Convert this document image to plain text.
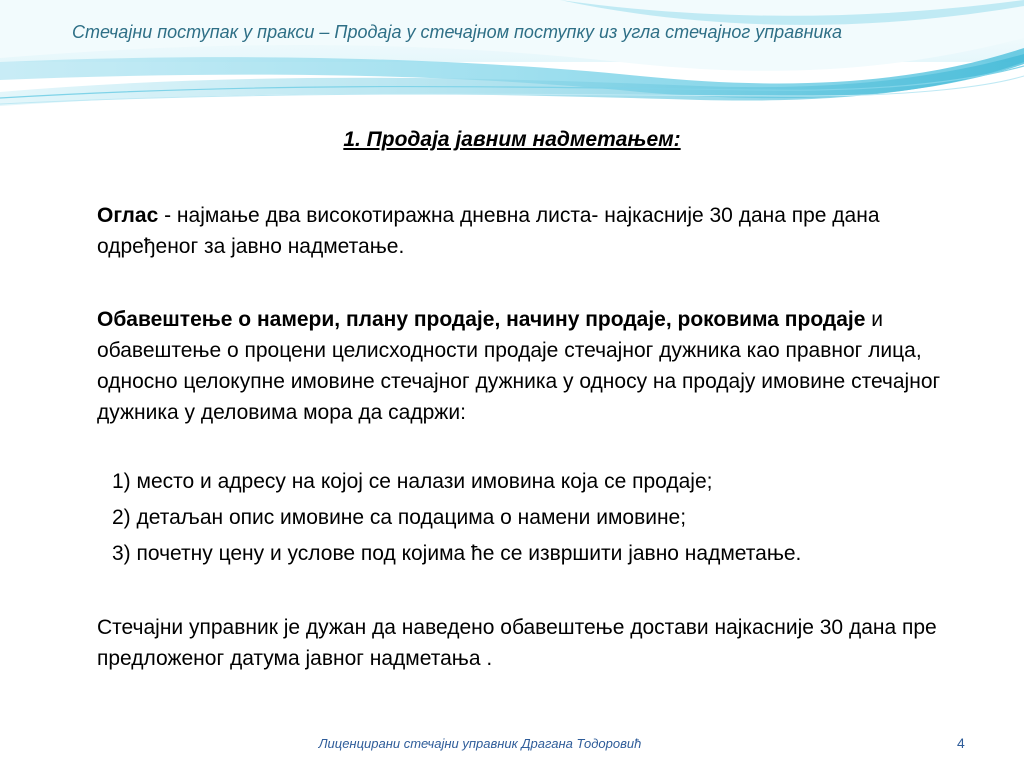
Стечајни поступак у пракси – Продаја у стечајном поступку из угла стечајног управника
1. Продаја јавним надметањем:
Оглас - најмање два високотиражна дневна листа- најкасније 30 дана пре дана одређеног за јавно надметање.
Обавештење о намери, плану продаје, начину продаје, роковима продаје и обавештење о процени целисходности продаје стечајног дужника као правног лица, односно целокупне имовине стечајног дужника у односу на продају имовине стечајног дужника у деловима мора да садржи:
1) место и адресу на којој се налази имовина која се продаје;
2) детаљан опис имовине са подацима о намени имовине;
3) почетну цену и услове под којима ће се извршити јавно надметање.
Стечајни управник је дужан да наведено обавештење достави најкасније 30 дана пре предложеног датума јавног надметања .
Лиценцирани стечајни управник Драгана Тодоровић	4
